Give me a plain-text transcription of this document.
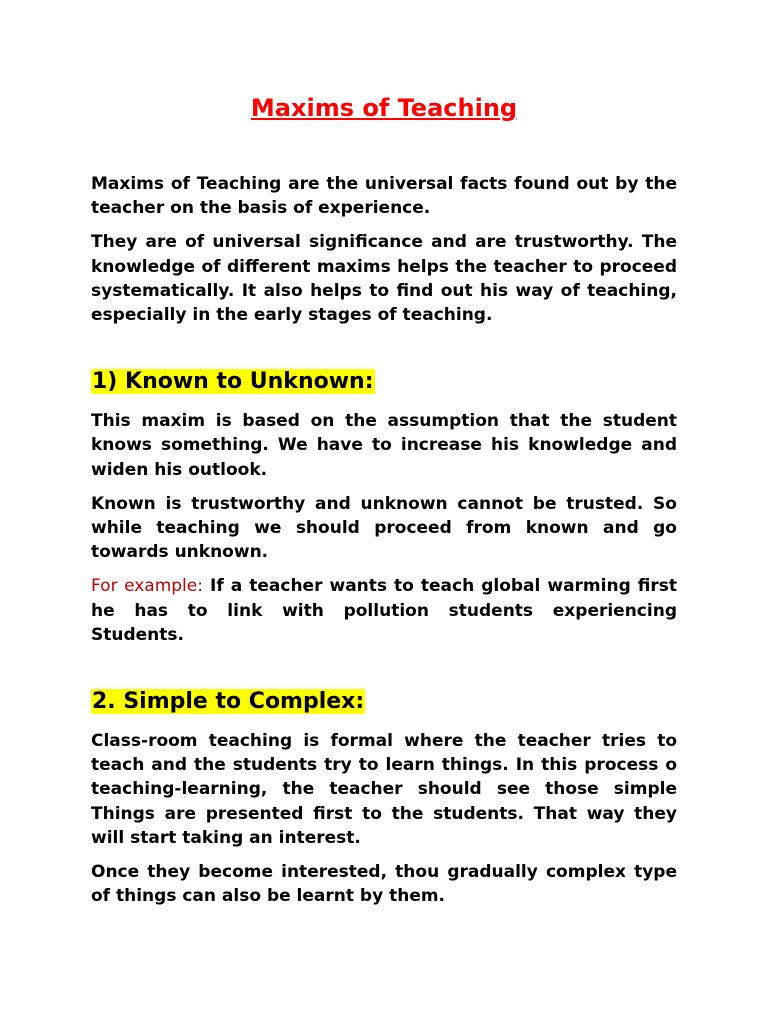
Maxims of Teaching

Maxims of Teaching are the universal facts found out by the teacher on the basis of experience.

They are of universal significance and are trustworthy. The knowledge of different maxims helps the teacher to proceed systematically. It also helps to find out his way of teaching, especially in the early stages of teaching.

1) Known to Unknown:

This maxim is based on the assumption that the student knows something. We have to increase his knowledge and widen his outlook.

Known is trustworthy and unknown cannot be trusted. So while teaching we should proceed from known and go towards unknown.

For example: If a teacher wants to teach global warming first he has to link with pollution students experiencing Students.

2. Simple to Complex:

Class-room teaching is formal where the teacher tries to teach and the students try to learn things. In this process o teaching-learning, the teacher should see those simple Things are presented first to the students. That way they will start taking an interest.

Once they become interested, thou gradually complex type of things can also be learnt by them.
